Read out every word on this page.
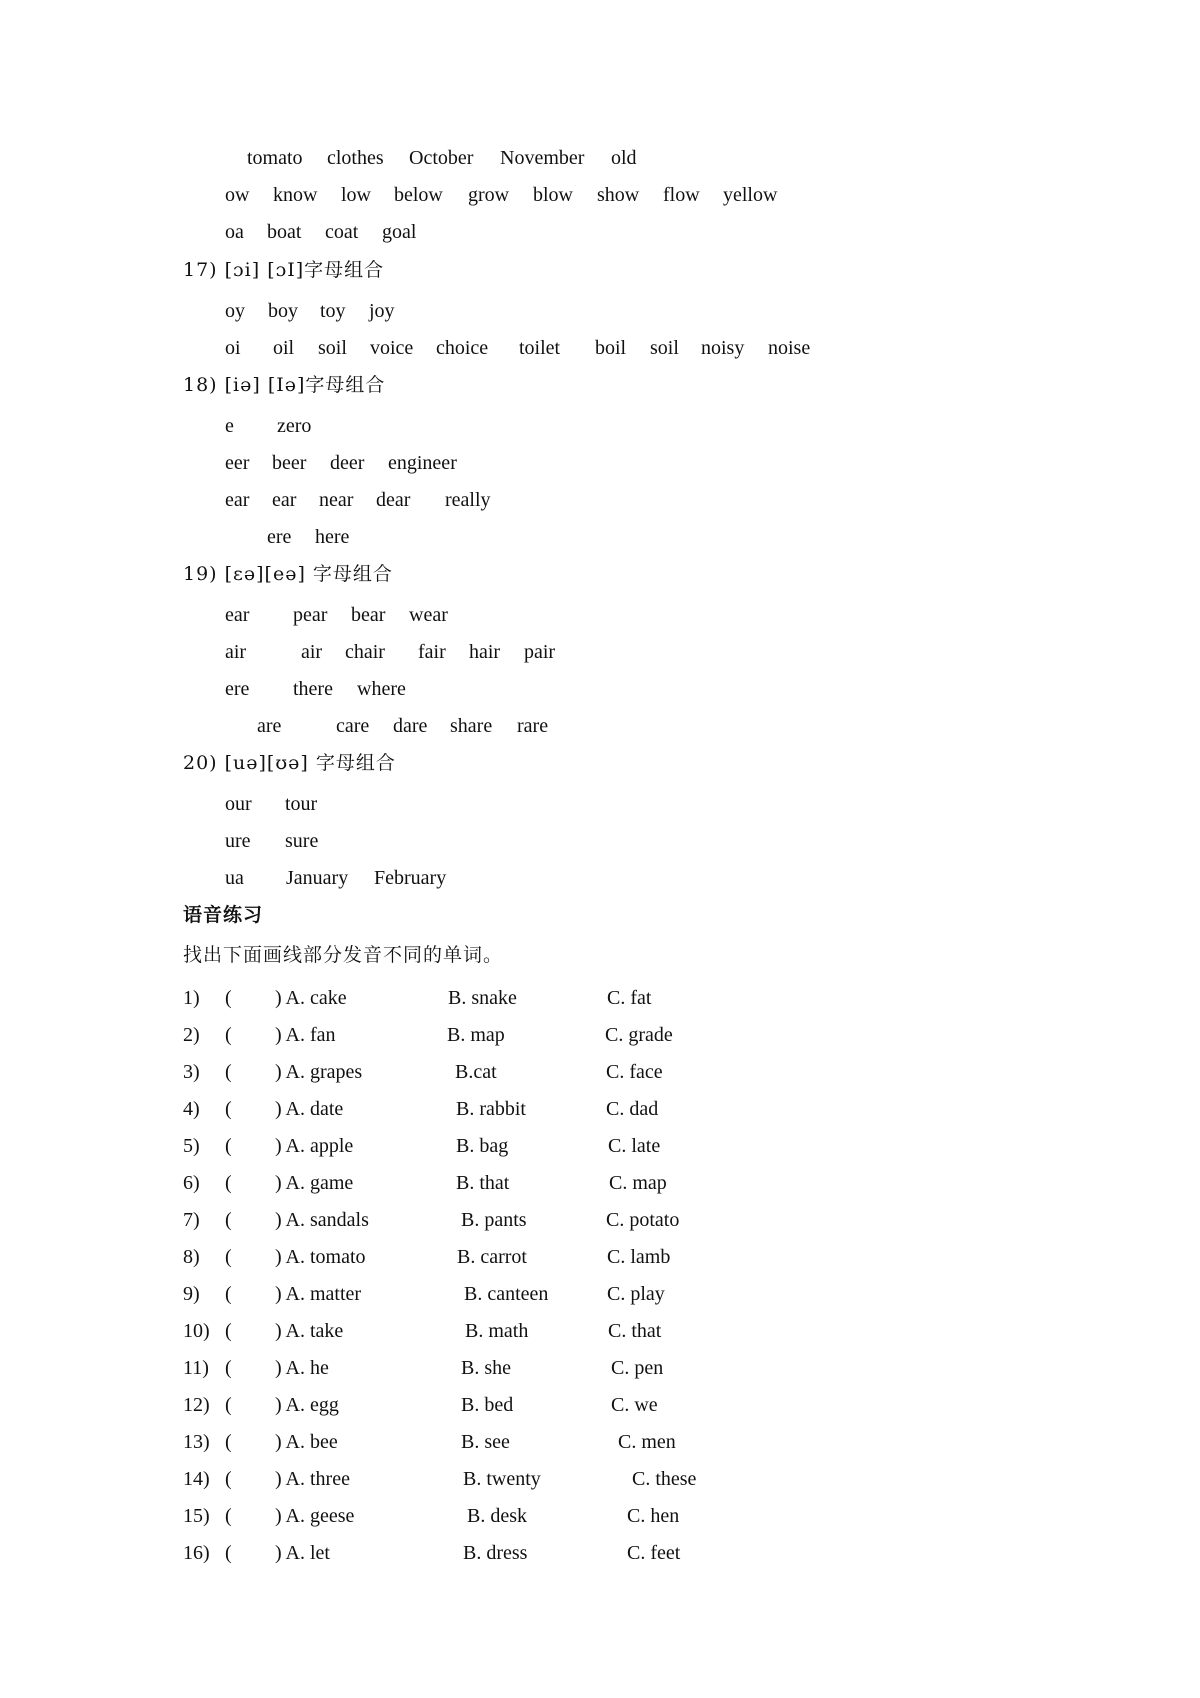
tomato clothes October November old
ow know low below grow blow show flow yellow
oa boat coat goal
17) [ɔi] [ɔI]字母组合
oy boy toy joy
oi oil soil voice choice toilet boil soil noisy noise
18) [iə] [Iə]字母组合
e zero
eer beer deer engineer
ear ear near dear really
ere here
19) [ɛə][eə] 字母组合
ear pear bear wear
air	air chair fair hair pair
ere there where
are	care dare share rare
20) [uə][ʊə] 字母组合
our tour
ure sure
ua January February
语音练习
找出下面画线部分发音不同的单词。
1) ( ) A. cake	B. snake	C. fat
2) ( ) A. fan	B. map	C. grade
3) ( ) A. grapes	B.cat	C. face
4) ( ) A. date	B. rabbit	C. dad
5) ( ) A. apple	B. bag	C. late
6) ( ) A. game	B. that	C. map
7) ( ) A. sandals	B. pants	C. potato
8) ( ) A. tomato	B. carrot	C. lamb
9) ( ) A. matter	B. canteen	C. play
10) ( ) A. take	B. math	C. that
11) ( ) A. he	B. she	C. pen
12) ( ) A. egg	B. bed	C. we
13) ( ) A. bee	B. see	C. men
14) ( ) A. three	B. twenty	C. these
15) ( ) A. geese	B. desk	C. hen
16) ( ) A. let	B. dress	C. feet
